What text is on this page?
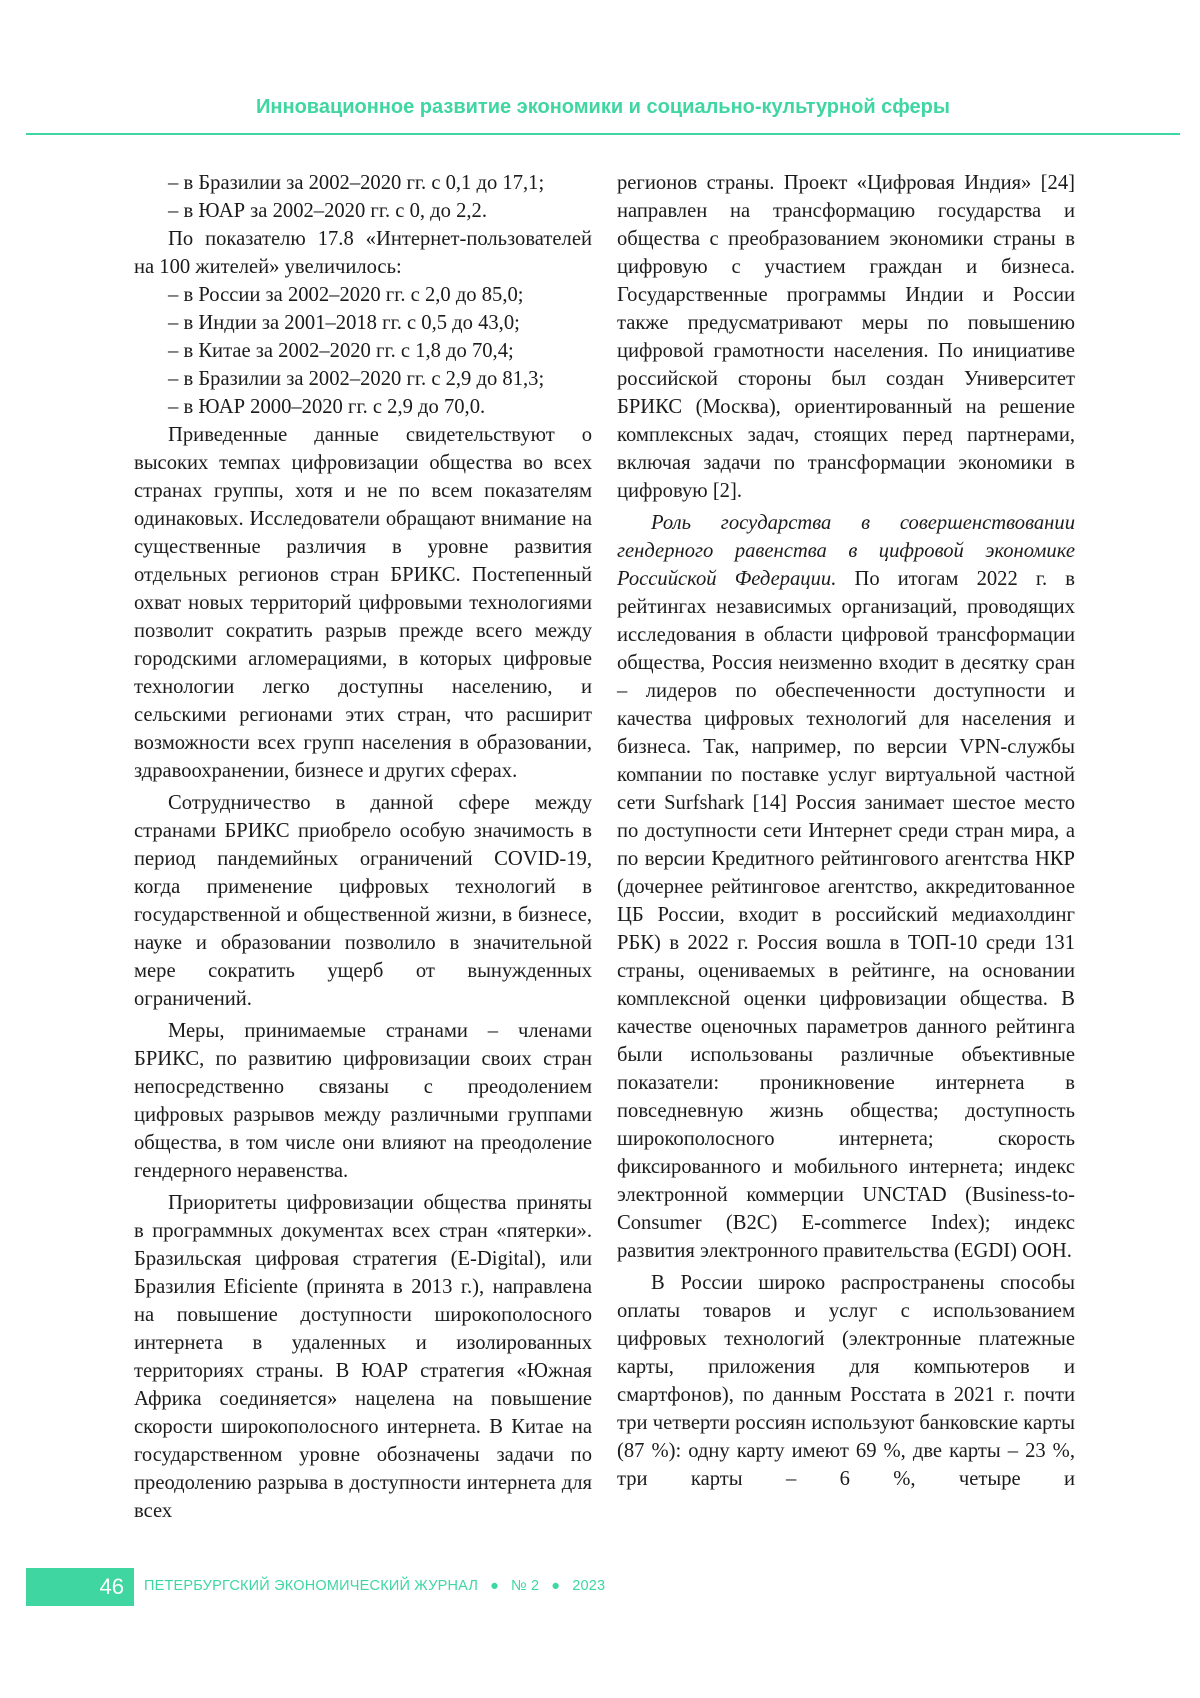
Инновационное развитие экономики и социально-культурной сферы

– в Бразилии за 2002–2020 гг. с 0,1 до 17,1;

– в ЮАР за 2002–2020 гг. с 0, до 2,2.

По показателю 17.8 «Интернет-пользователей на 100 жителей» увеличилось:

– в России за 2002–2020 гг. с 2,0 до 85,0;

– в Индии за 2001–2018 гг. с 0,5 до 43,0;

– в Китае за 2002–2020 гг. с 1,8 до 70,4;

– в Бразилии за 2002–2020 гг. с 2,9 до 81,3;

– в ЮАР 2000–2020 гг. с 2,9 до 70,0.

Приведенные данные свидетельствуют о высоких темпах цифровизации общества во всех странах группы, хотя и не по всем показателям одинаковых. Исследователи обращают внимание на существенные различия в уровне развития отдельных регионов стран БРИКС. Постепенный охват новых территорий цифровыми технологиями позволит сократить разрыв прежде всего между городскими агломерациями, в которых цифровые технологии легко доступны населению, и сельскими регионами этих стран, что расширит возможности всех групп населения в образовании, здравоохранении, бизнесе и других сферах.

Сотрудничество в данной сфере между странами БРИКС приобрело особую значимость в период пандемийных ограничений COVID-19, когда применение цифровых технологий в государственной и общественной жизни, в бизнесе, науке и образовании позволило в значительной мере сократить ущерб от вынужденных ограничений.

Меры, принимаемые странами – членами БРИКС, по развитию цифровизации своих стран непосредственно связаны с преодолением цифровых разрывов между различными группами общества, в том числе они влияют на преодоление гендерного неравенства.

Приоритеты цифровизации общества приняты в программных документах всех стран «пятерки». Бразильская цифровая стратегия (E-Digital), или Бразилия Eficiente (принята в 2013 г.), направлена на повышение доступности широкополосного интернета в удаленных и изолированных территориях страны. В ЮАР стратегия «Южная Африка соединяется» нацелена на повышение скорости широкополосного интернета. В Китае на государственном уровне обозначены задачи по преодолению разрыва в доступности интернета для всех

регионов страны. Проект «Цифровая Индия» [24] направлен на трансформацию государства и общества с преобразованием экономики страны в цифровую с участием граждан и бизнеса. Государственные программы Индии и России также предусматривают меры по повышению цифровой грамотности населения. По инициативе российской стороны был создан Университет БРИКС (Москва), ориентированный на решение комплексных задач, стоящих перед партнерами, включая задачи по трансформации экономики в цифровую [2].

Роль государства в совершенствовании гендерного равенства в цифровой экономике Российской Федерации. По итогам 2022 г. в рейтингах независимых организаций, проводящих исследования в области цифровой трансформации общества, Россия неизменно входит в десятку сран – лидеров по обеспеченности доступности и качества цифровых технологий для населения и бизнеса. Так, например, по версии VPN-службы компании по поставке услуг виртуальной частной сети Surfshark [14] Россия занимает шестое место по доступности сети Интернет среди стран мира, а по версии Кредитного рейтингового агентства НКР (дочернее рейтинговое агентство, аккредитованное ЦБ России, входит в российский медиахолдинг РБК) в 2022 г. Россия вошла в ТОП-10 среди 131 страны, оцениваемых в рейтинге, на основании комплексной оценки цифровизации общества. В качестве оценочных параметров данного рейтинга были использованы различные объективные показатели: проникновение интернета в повседневную жизнь общества; доступность широкополосного интернета; скорость фиксированного и мобильного интернета; индекс электронной коммерции UNCTAD (Business-to-Consumer (B2C) E-commerce Index); индекс развития электронного правительства (EGDI) ООН.

В России широко распространены способы оплаты товаров и услуг с использованием цифровых технологий (электронные платежные карты, приложения для компьютеров и смартфонов), по данным Росстата в 2021 г. почти три четверти россиян используют банковские карты (87 %): одну карту имеют 69 %, две карты – 23 %, три карты – 6 %, четыре и

46 ПЕТЕРБУРГСКИЙ ЭКОНОМИЧЕСКИЙ ЖУРНАЛ ● № 2 ● 2023
